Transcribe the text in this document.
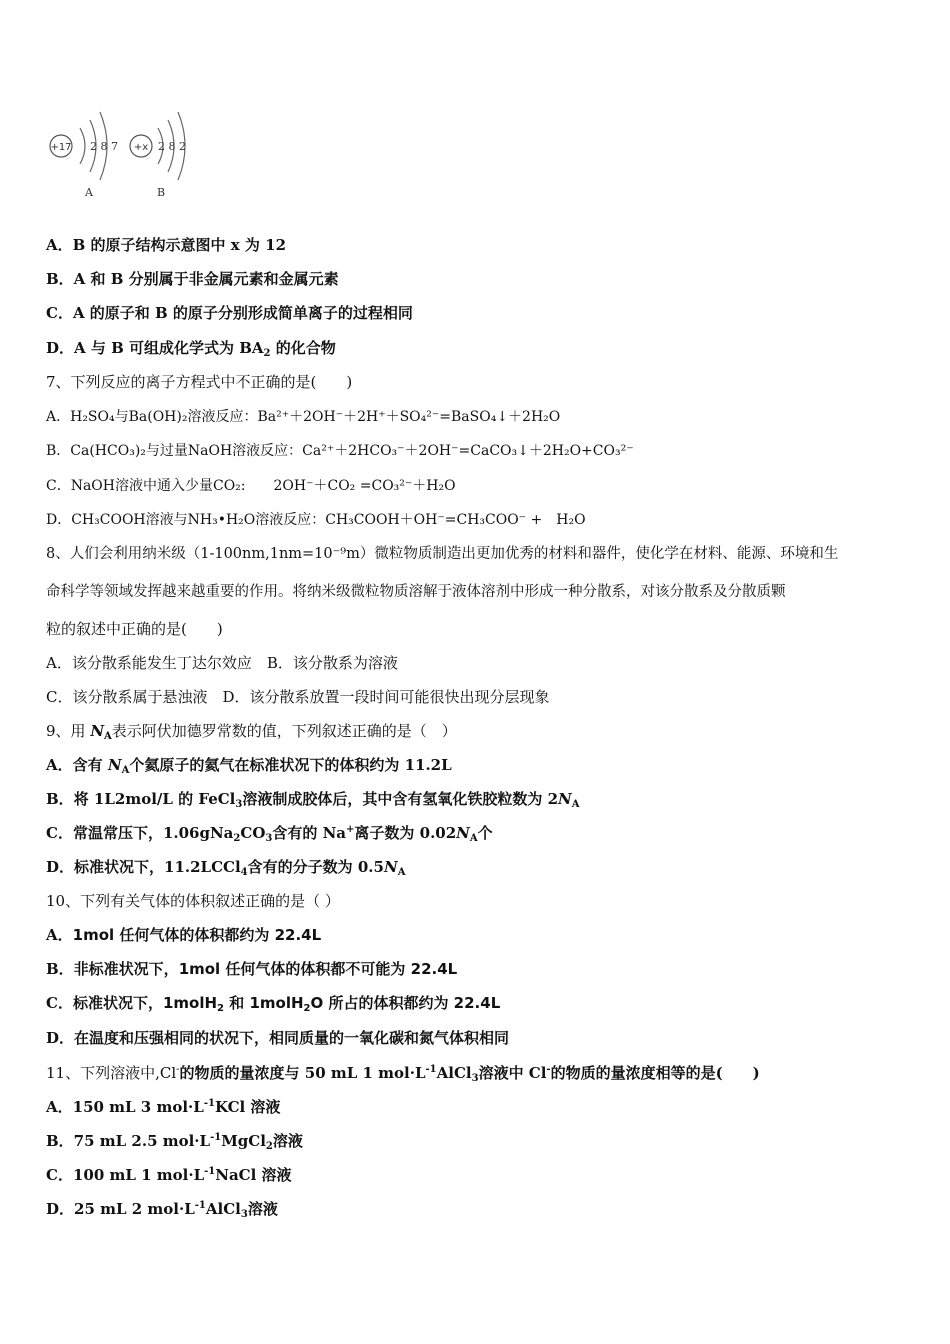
+17 2 8 7
A
+x 2 8 2
B
A．B 的原子结构示意图中 x 为 12
B．A 和 B 分别属于非金属元素和金属元素
C．A 的原子和 B 的原子分别形成简单离子的过程相同
D．A 与 B 可组成化学式为 $BA_2$ 的化合物
7、下列反应的离子方程式中不正确的是(　　)
A．H₂SO₄与Ba(OH)₂溶液反应：Ba²⁺＋2OH⁻＋2H⁺＋SO₄²⁻=BaSO₄↓＋2H₂O
B．Ca(HCO₃)₂与过量NaOH溶液反应：Ca²⁺＋2HCO₃⁻＋2OH⁻=CaCO₃↓＋2H₂O+CO₃²⁻
C．NaOH溶液中通入少量CO₂:　　2OH⁻＋CO₂ =CO₃²⁻＋H₂O
D．CH₃COOH溶液与NH₃•H₂O溶液反应：CH₃COOH＋OH⁻=CH₃COO⁻ +　H₂O
8、人们会利用纳米级（1-100nm,1nm=10⁻⁹m）微粒物质制造出更加优秀的材料和器件，使化学在材料、能源、环境和生
命科学等领域发挥越来越重要的作用。将纳米级微粒物质溶解于液体溶剂中形成一种分散系，对该分散系及分散质颗
粒的叙述中正确的是(　　)
A．该分散系能发生丁达尔效应　B．该分散系为溶液
C．该分散系属于悬浊液　D．该分散系放置一段时间可能很快出现分层现象
9、用 $N_A$表示阿伏加德罗常数的值，下列叙述正确的是（　）
A．含有 $N_A$个氦原子的氦气在标准状况下的体积约为 11.2L
B．将 1L2mol/L 的 FeCl$_3$溶液制成胶体后，其中含有氢氧化铁胶粒数为 $2N_A$
C．常温常压下，$1.06gNa_2CO_3$含有的 Na+离子数为 $0.02N_A$个
D．标准状况下，11.2LCCl$_4$含有的分子数为 $0.5N_A$
10、下列有关气体的体积叙述正确的是（ ）
A．1mol 任何气体的体积都约为 22.4L
B．非标准状况下，1mol 任何气体的体积都不可能为 22.4L
C．标准状况下，1molH$_2$ 和 1molH$_2$O 所占的体积都约为 22.4L
D．在温度和压强相同的状况下，相同质量的一氧化碳和氮气体积相同
11、下列溶液中,Cl-的物质的量浓度与 50 mL 1 $mol\cdot L^{-1}AlCl_3$溶液中 Cl-的物质的量浓度相等的是(　　)
A．150 mL 3 $mol\cdot L^{-1}KCl$ 溶液
B．75 mL 2.5 $mol\cdot L^{-1}MgCl_2$溶液
C．100 mL 1 $mol\cdot L^{-1}NaCl$ 溶液
D．25 mL 2 $mol\cdot L^{-1}AlCl_3$溶液
